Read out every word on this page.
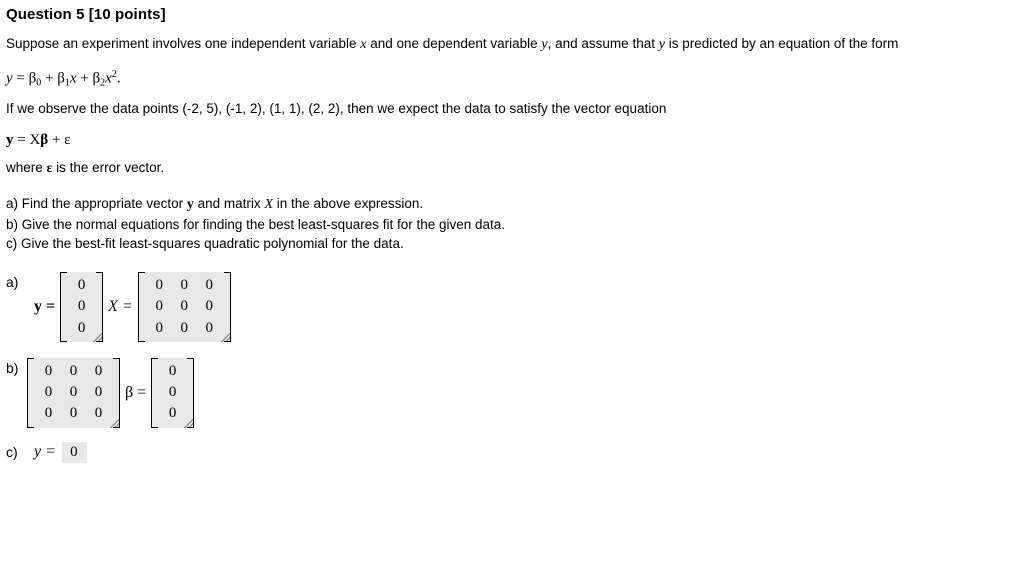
Question 5 [10 points]
Suppose an experiment involves one independent variable x and one dependent variable y, and assume that y is predicted by an equation of the form
$y = \beta_0 + \beta_1x + \beta_2x^2$.
If we observe the data points (-2, 5), (-1, 2), (1, 1), (2, 2), then we expect the data to satisfy the vector equation
y = Xβ + ε
where ε is the error vector.
a) Find the appropriate vector y and matrix X in the above expression.
b) Give the normal equations for finding the best least-squares fit for the given data.
c) Give the best-fit least-squares quadratic polynomial for the data.
a)
y =
0
0
0
X =
0	0	0
0	0	0
0	0	0
b)	0	0	0
0	0	0
0	0	0
β =
0
0
0
c)	y = 0
